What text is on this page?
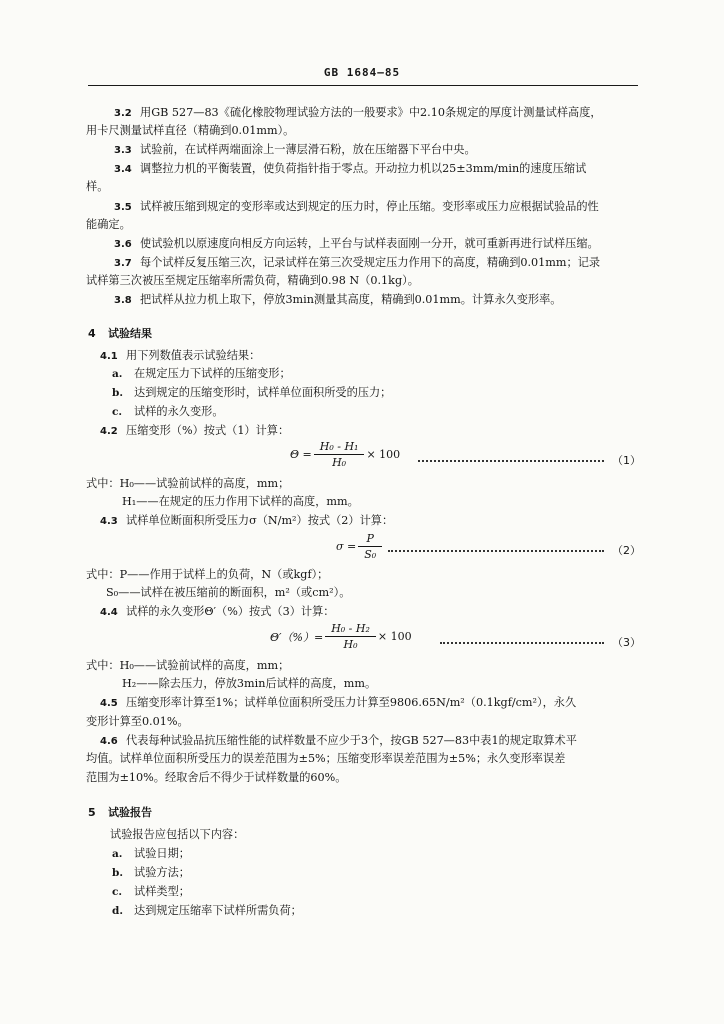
GB 1684—85
3.2 用GB 527—83《硫化橡胶物理试验方法的一般要求》中2.10条规定的厚度计测量试样高度，
用卡尺测量试样直径（精确到0.01mm）。
3.3 试验前，在试样两端面涂上一薄层滑石粉，放在压缩器下平台中央。
3.4 调整拉力机的平衡装置，使负荷指针指于零点。开动拉力机以25±3mm/min的速度压缩试
样。
3.5 试样被压缩到规定的变形率或达到规定的压力时，停止压缩。变形率或压力应根据试验品的性
能确定。
3.6 使试验机以原速度向相反方向运转，上平台与试样表面刚一分开，就可重新再进行试样压缩。
3.7 每个试样反复压缩三次，记录试样在第三次受规定压力作用下的高度，精确到0.01mm；记录
试样第三次被压至规定压缩率所需负荷，精确到0.98 N（0.1kg）。
3.8 把试样从拉力机上取下，停放3min测量其高度，精确到0.01mm。计算永久变形率。
4 试验结果
4.1 用下列数值表示试验结果：
a. 在规定压力下试样的压缩变形；
b. 达到规定的压缩变形时，试样单位面积所受的压力；
c. 试样的永久变形。
4.2 压缩变形（%）按式（1）计算：
$\Theta = \frac{\text{H₀ - H₁}}{\text{H₀}} \times 100$	（1）
式中：H₀——试验前试样的高度，mm；
H₁——在规定的压力作用下试样的高度，mm。
4.3 试样单位断面积所受压力σ（N/m²）按式（2）计算：
$\sigma = \frac{P}{\text{S₀}}$	（2）
式中：P——作用于试样上的负荷，N（或kgf）；
S₀——试样在被压缩前的断面积，m²（或cm²）。
4.4 试样的永久变形Θ′（%）按式（3）计算：
$\Theta'(\%)= \frac{\text{H₀ - H₂}}{\text{H₀}} \times 100$	（3）
式中：H₀——试验前试样的高度，mm；
H₂——除去压力，停放3min后试样的高度，mm。
4.5 压缩变形率计算至1%；试样单位面积所受压力计算至9806.65N/m²（0.1kgf/cm²），永久
变形计算至0.01%。
4.6 代表每种试验品抗压缩性能的试样数量不应少于3个，按GB 527—83中表1的规定取算术平
均值。试样单位面积所受压力的误差范围为±5%；压缩变形率误差范围为±5%；永久变形率误差
范围为±10%。经取舍后不得少于试样数量的60%。
5 试验报告
试验报告应包括以下内容：
a. 试验日期；
b. 试验方法；
c. 试样类型；
d. 达到规定压缩率下试样所需负荷；
